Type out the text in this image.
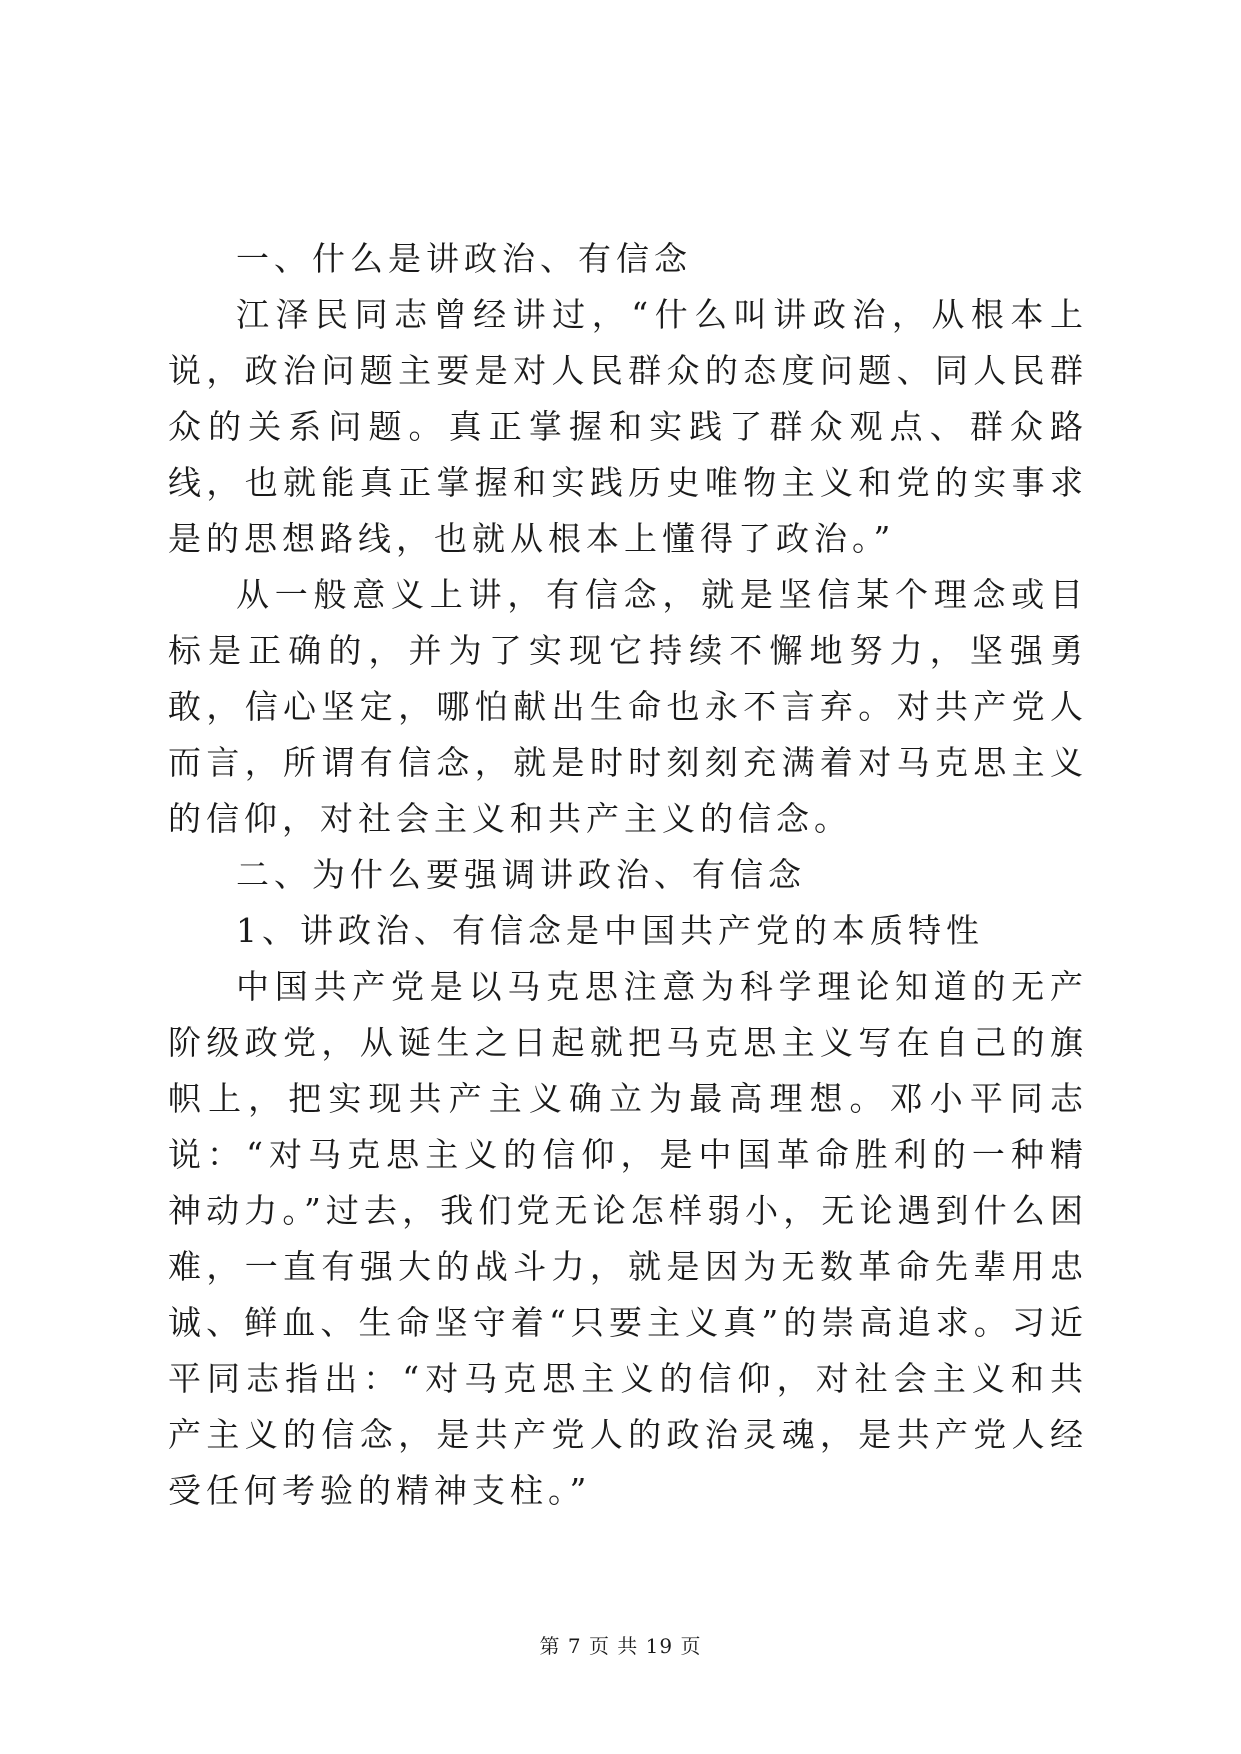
一、什么是讲政治、有信念

江泽民同志曾经讲过，“什么叫讲政治，从根本上说，政治问题主要是对人民群众的态度问题、同人民群众的关系问题。真正掌握和实践了群众观点、群众路线，也就能真正掌握和实践历史唯物主义和党的实事求是的思想路线，也就从根本上懂得了政治。”

从一般意义上讲，有信念，就是坚信某个理念或目标是正确的，并为了实现它持续不懈地努力，坚强勇敢，信心坚定，哪怕献出生命也永不言弃。对共产党人而言，所谓有信念，就是时时刻刻充满着对马克思主义的信仰，对社会主义和共产主义的信念。

二、为什么要强调讲政治、有信念

1、讲政治、有信念是中国共产党的本质特性

中国共产党是以马克思注意为科学理论知道的无产阶级政党，从诞生之日起就把马克思主义写在自己的旗帜上，把实现共产主义确立为最高理想。邓小平同志说：“对马克思主义的信仰，是中国革命胜利的一种精神动力。”过去，我们党无论怎样弱小，无论遇到什么困难，一直有强大的战斗力，就是因为无数革命先辈用忠诚、鲜血、生命坚守着“只要主义真”的崇高追求。习近平同志指出：“对马克思主义的信仰，对社会主义和共产主义的信念，是共产党人的政治灵魂，是共产党人经受任何考验的精神支柱。”

第 7 页 共 19 页
